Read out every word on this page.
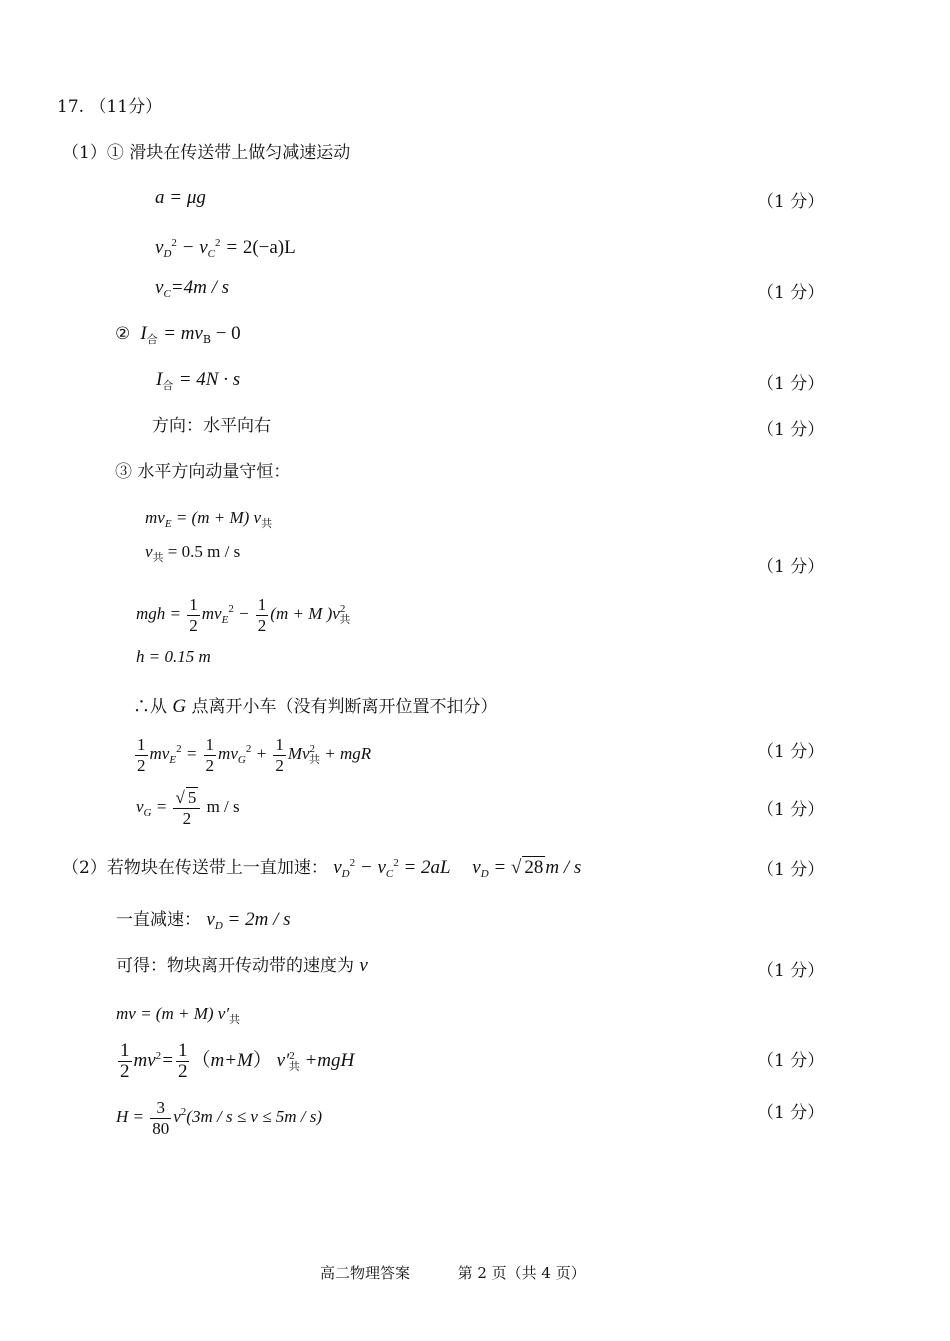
17. （11分）
（1）① 滑块在传送带上做匀减速运动
a = μg	（1 分）
$v_D^2 - v_C^2 = 2(-a)L$
$v_C=4m / s$	（1 分）
②  $I_合 = mv_B - 0$
$I_合 = 4N \cdot s$	（1 分）
方向：水平向右	（1 分）
③ 水平方向动量守恒：
$mv_E = (m + M)$ $v_共$
$v_共 = 0.5$ m / s
（1 分）
mgh = $\frac{1}{2} mv_E^2 - \frac{1}{2} (m + M$ )$v^2_共$
h = 0.15 m
∴从 G 点离开小车（没有判断离开位置不扣分）
$\frac{1}{2} mv_E^2 = \frac{1}{2} mv_G^2 + \frac{1}{2} Mv^2_共$ + mgR	（1 分）
$v_G = \frac{√ 5}{2}$ m / s	（1 分）
（2）若物块在传送带上一直加速： $v_D^2 - v_C^2 = 2aL$ $v_D$ = √ 28 m / s	（1 分）
一直减速： $v_D = 2m / s$
可得：物块离开传动带的速度为 v	（1 分）
mv = (m + M) $v'_共$
$\frac{1}{2} mv^2= \frac{1}{2} (m+M)$ $v'^2_共 +mgH$	（1 分）
$H = \frac{3}{80} v^2(3m / s \le v \le 5m / s)$	（1 分）
高二物理答案	第 2 页（共 4 页）
